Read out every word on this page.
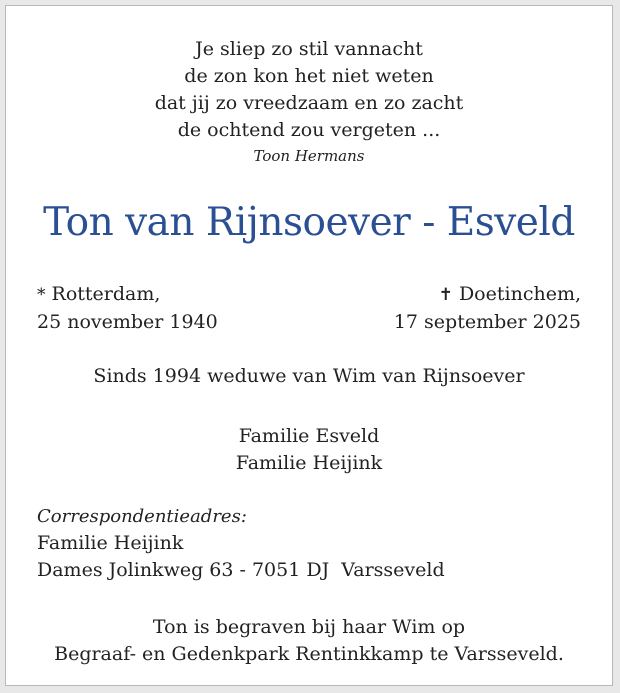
Je sliep zo stil vannacht
de zon kon het niet weten
dat jij zo vreedzaam en zo zacht
de ochtend zou vergeten ...
Toon Hermans
Ton van Rijnsoever - Esveld
* Rotterdam,
25 november 1940
✝ Doetinchem,
17 september 2025
Sinds 1994 weduwe van Wim van Rijnsoever
Familie Esveld
Familie Heijink
Correspondentieadres:
Familie Heijink
Dames Jolinkweg 63 - 7051 DJ  Varsseveld
Ton is begraven bij haar Wim op
Begraaf- en Gedenkpark Rentinkkamp te Varsseveld.
